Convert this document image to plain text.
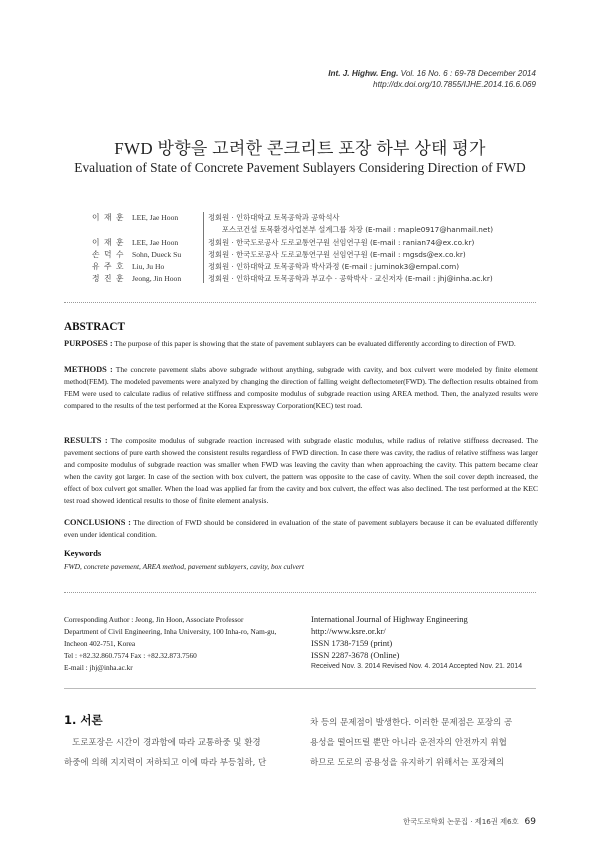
Int. J. Highw. Eng. Vol. 16 No. 6 : 69-78 December 2014
http://dx.doi.org/10.7855/IJHE.2014.16.6.069
FWD 방향을 고려한 콘크리트 포장 하부 상태 평가
Evaluation of State of Concrete Pavement Sublayers Considering Direction of FWD
이 재 훈 LEE, Jae Hoon	정회원 · 인하대학교 토목공학과 공학석사
포스코건설 토목환경사업본부 설계그룹 차장 (E-mail : maple0917@hanmail.net)
이 재 훈 LEE, Jae Hoon	정회원 · 한국도로공사 도로교통연구원 선임연구원 (E-mail : ranian74@ex.co.kr)
손 덕 수 Sohn, Dueck Su	정회원 · 한국도로공사 도로교통연구원 선임연구원 (E-mail : mgsds@ex.co.kr)
유 주 호 Liu, Ju Ho	정회원 · 인하대학교 토목공학과 박사과정 (E-mail : juminok3@empal.com)
정 진 훈 Jeong, Jin Hoon	정회원 · 인하대학교 토목공학과 부교수 · 공학박사 · 교신저자 (E-mail : jhj@inha.ac.kr)
ABSTRACT
PURPOSES : The purpose of this paper is showing that the state of pavement sublayers can be evaluated differently according to direction of FWD.
METHODS : The concrete pavement slabs above subgrade without anything, subgrade with cavity, and box culvert were modeled by finite element method(FEM). The modeled pavements were analyzed by changing the direction of falling weight deflectometer(FWD). The deflection results obtained from FEM were used to calculate radius of relative stiffness and composite modulus of subgrade reaction using AREA method. Then, the analyzed results were compared to the results of the test performed at the Korea Expressway Corporation(KEC) test road.
RESULTS : The composite modulus of subgrade reaction increased with subgrade elastic modulus, while radius of relative stiffness decreased. The pavement sections of pure earth showed the consistent results regardless of FWD direction. In case there was cavity, the radius of relative stiffness was larger and composite modulus of subgrade reaction was smaller when FWD was leaving the cavity than when approaching the cavity. This pattern became clear when the cavity got larger. In case of the section with box culvert, the pattern was opposite to the case of cavity. When the soil cover depth increased, the effect of box culvert got smaller. When the load was applied far from the cavity and box culvert, the effect was also declined. The test performed at the KEC test road showed identical results to those of finite element analysis.
CONCLUSIONS : The direction of FWD should be considered in evaluation of the state of pavement sublayers because it can be evaluated differently even under identical condition.
Keywords
FWD, concrete pavement, AREA method, pavement sublayers, cavity, box culvert
Corresponding Author : Jeong, Jin Hoon, Associate Professor
Department of Civil Engineering, Inha University, 100 Inha-ro, Nam-gu,
Incheon 402-751, Korea
Tel : +82.32.860.7574 Fax : +82.32.873.7560
E-mail : jhj@inha.ac.kr
International Journal of Highway Engineering
http://www.ksre.or.kr/
ISSN 1738-7159 (print)
ISSN 2287-3678 (Online)
Received Nov. 3. 2014 Revised Nov. 4. 2014 Accepted Nov. 21. 2014
1. 서론
도로포장은 시간이 경과함에 따라 교통하중 및 환경
하중에 의해 지지력이 저하되고 이에 따라 부등침하, 단
차 등의 문제점이 발생한다. 이러한 문제점은 포장의 공
용성을 떨어뜨릴 뿐만 아니라 운전자의 안전까지 위협
하므로 도로의 공용성을 유지하기 위해서는 포장체의
한국도로학회 논문집 · 제16권 제6호 69
